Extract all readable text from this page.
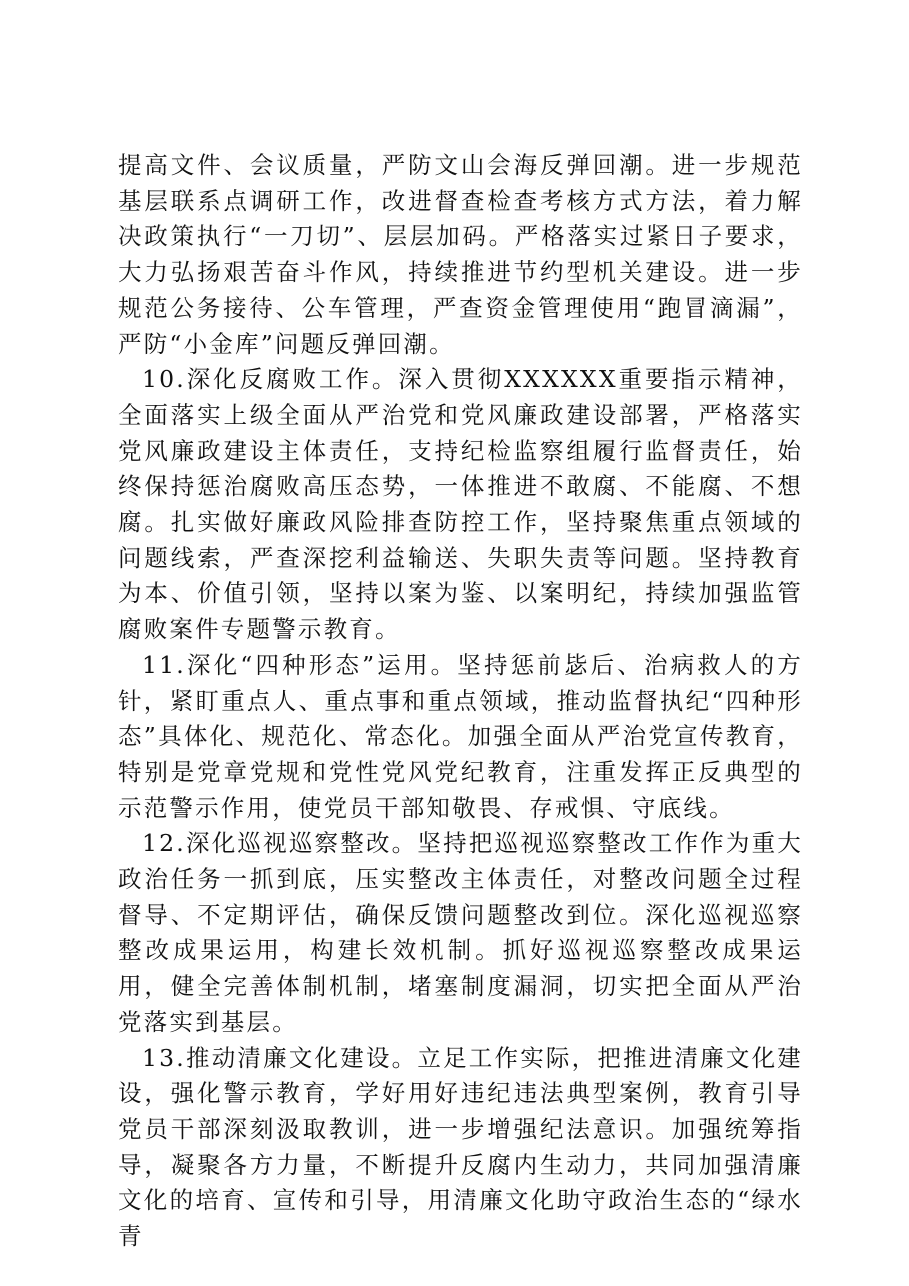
提高文件、会议质量，严防文山会海反弹回潮。进一步规范基层联系点调研工作，改进督查检查考核方式方法，着力解决政策执行“一刀切”、层层加码。严格落实过紧日子要求，大力弘扬艰苦奋斗作风，持续推进节约型机关建设。进一步规范公务接待、公车管理，严查资金管理使用“跑冒滴漏”，严防“小金库”问题反弹回潮。

10.深化反腐败工作。深入贯彻XXXXXX重要指示精神，全面落实上级全面从严治党和党风廉政建设部署，严格落实党风廉政建设主体责任，支持纪检监察组履行监督责任，始终保持惩治腐败高压态势，一体推进不敢腐、不能腐、不想腐。扎实做好廉政风险排查防控工作，坚持聚焦重点领域的问题线索，严查深挖利益输送、失职失责等问题。坚持教育为本、价值引领，坚持以案为鉴、以案明纪，持续加强监管腐败案件专题警示教育。

11.深化“四种形态”运用。坚持惩前毖后、治病救人的方针，紧盯重点人、重点事和重点领域，推动监督执纪“四种形态”具体化、规范化、常态化。加强全面从严治党宣传教育，特别是党章党规和党性党风党纪教育，注重发挥正反典型的示范警示作用，使党员干部知敬畏、存戒惧、守底线。

12.深化巡视巡察整改。坚持把巡视巡察整改工作作为重大政治任务一抓到底，压实整改主体责任，对整改问题全过程督导、不定期评估，确保反馈问题整改到位。深化巡视巡察整改成果运用，构建长效机制。抓好巡视巡察整改成果运用，健全完善体制机制，堵塞制度漏洞，切实把全面从严治党落实到基层。

13.推动清廉文化建设。立足工作实际，把推进清廉文化建设，强化警示教育，学好用好违纪违法典型案例，教育引导党员干部深刻汲取教训，进一步增强纪法意识。加强统筹指导，凝聚各方力量，不断提升反腐内生动力，共同加强清廉文化的培育、宣传和引导，用清廉文化助守政治生态的“绿水青
